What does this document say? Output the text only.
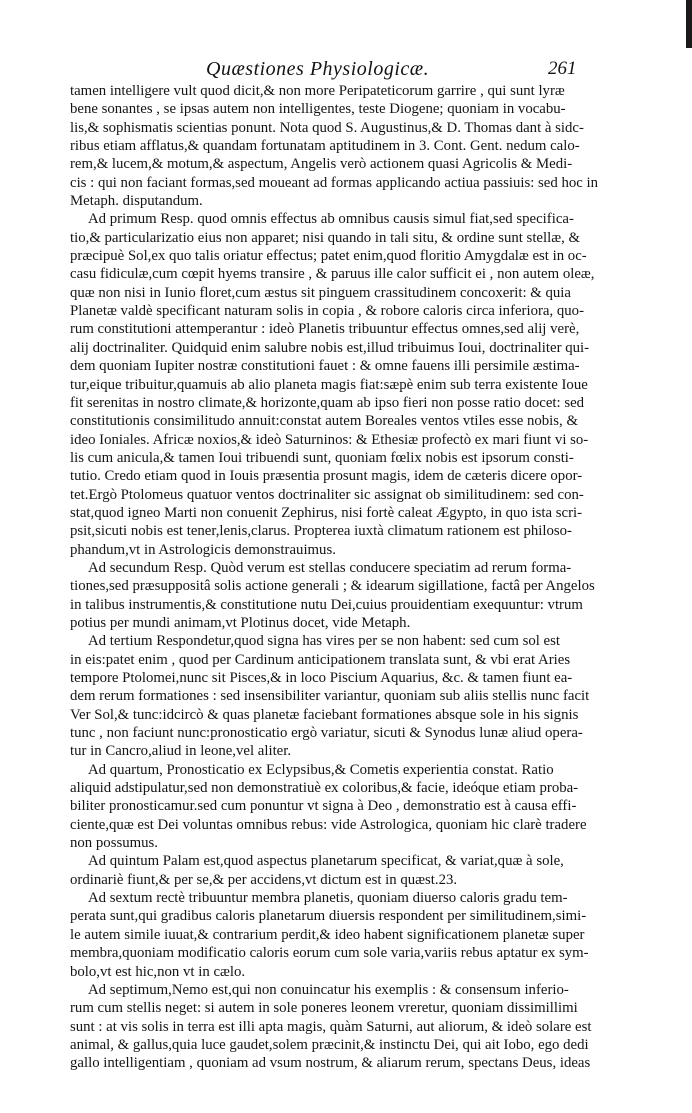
Quæstiones Physiologicæ.	261
tamen intelligere vult quod dicit,& non more Peripateticorum garrire , qui sunt lyræ
bene sonantes , se ipsas autem non intelligentes, teste Diogene; quoniam in vocabu-
lis,& sophismatis scientias ponunt. Nota quod S. Augustinus,& D. Thomas dant à sidc-
ribus etiam afflatus,& quandam fortunatam aptitudinem in 3. Cont. Gent. nedum calo-
rem,& lucem,& motum,& aspectum, Angelis verò actionem quasi Agricolis & Medi-
cis : qui non faciant formas,sed moueant ad formas applicando actiua passiuis: sed hoc in
Metaph. disputandum.
Ad primum Resp. quod omnis effectus ab omnibus causis simul fiat,sed specifica-
tio,& particularizatio eius non apparet; nisi quando in tali situ, & ordine sunt stellæ, &
præcipuè Sol,ex quo talis oriatur effectus; patet enim,quod floritio Amygdalæ est in oc-
casu fidiculæ,cum cœpit hyems transire , & paruus ille calor sufficit ei , non autem oleæ,
quæ non nisi in Iunio floret,cum æstus sit pinguem crassitudinem concoxerit: & quia
Planetæ valdè specificant naturam solis in copia , & robore caloris circa inferiora, quo-
rum constitutioni attemperantur : ideò Planetis tribuuntur effectus omnes,sed alij verè,
alij doctrinaliter. Quidquid enim salubre nobis est,illud tribuimus Ioui, doctrinaliter qui-
dem quoniam Iupiter nostræ constitutioni fauet : & omne fauens illi persimile æstima-
tur,eique tribuitur,quamuis ab alio planeta magis fiat:sæpè enim sub terra existente Ioue
fit serenitas in nostro climate,& horizonte,quam ab ipso fieri non posse ratio docet: sed
constitutionis consimilitudo annuit:constat autem Boreales ventos vtiles esse nobis, &
ideo Ioniales. Africæ noxios,& ideò Saturninos: & Ethesiæ profectò ex mari fiunt vi so-
lis cum anicula,& tamen Ioui tribuendi sunt, quoniam fœlix nobis est ipsorum consti-
tutio. Credo etiam quod in Iouis præsentia prosunt magis, idem de cæteris dicere opor-
tet.Ergò Ptolomeus quatuor ventos doctrinaliter sic assignat ob similitudinem: sed con-
stat,quod igneo Marti non conuenit Zephirus, nisi fortè caleat Ægypto, in quo ista scri-
psit,sicuti nobis est tener,lenis,clarus. Propterea iuxtà climatum rationem est philoso-
phandum,vt in Astrologicis demonstrauimus.
Ad secundum Resp. Quòd verum est stellas conducere speciatim ad rerum forma-
tiones,sed præsuppositâ solis actione generali ; & idearum sigillatione, factâ per Angelos
in talibus instrumentis,& constitutione nutu Dei,cuius prouidentiam exequuntur: vtrum
potius per mundi animam,vt Plotinus docet, vide Metaph.
Ad tertium Respondetur,quod signa has vires per se non habent: sed cum sol est
in eis:patet enim , quod per Cardinum anticipationem translata sunt, & vbi erat Aries
tempore Ptolomei,nunc sit Pisces,& in loco Piscium Aquarius, &c. & tamen fiunt ea-
dem rerum formationes : sed insensibiliter variantur, quoniam sub aliis stellis nunc facit
Ver Sol,& tunc:idcircò & quas planetæ faciebant formationes absque sole in his signis
tunc , non faciunt nunc:pronosticatio ergò variatur, sicuti & Synodus lunæ aliud opera-
tur in Cancro,aliud in leone,vel aliter.
Ad quartum, Pronosticatio ex Eclypsibus,& Cometis experientia constat. Ratio
aliquid adstipulatur,sed non demonstratiuè ex coloribus,& facie, ideóque etiam proba-
biliter pronosticamur.sed cum ponuntur vt signa à Deo , demonstratio est à causa effi-
ciente,quæ est Dei voluntas omnibus rebus: vide Astrologica, quoniam hic clarè tradere
non possumus.
Ad quintum Palam est,quod aspectus planetarum specificat, & variat,quæ à sole,
ordinariè fiunt,& per se,& per accidens,vt dictum est in quæst.23.
Ad sextum rectè tribuuntur membra planetis, quoniam diuerso caloris gradu tem-
perata sunt,qui gradibus caloris planetarum diuersis respondent per similitudinem,simi-
le autem simile iuuat,& contrarium perdit,& ideo habent significationem planetæ super
membra,quoniam modificatio caloris eorum cum sole varia,variis rebus aptatur ex sym-
bolo,vt est hic,non vt in cælo.
Ad septimum,Nemo est,qui non conuincatur his exemplis : & consensum inferio-
rum cum stellis neget: si autem in sole poneres leonem vreretur, quoniam dissimillimi
sunt : at vis solis in terra est illi apta magis, quàm Saturni, aut aliorum, & ideò solare est
animal, & gallus,quia luce gaudet,solem præcinit,& instinctu Dei, qui ait Iobo, ego dedi
gallo intelligentiam , quoniam ad vsum nostrum, & aliarum rerum, spectans Deus, ideas
